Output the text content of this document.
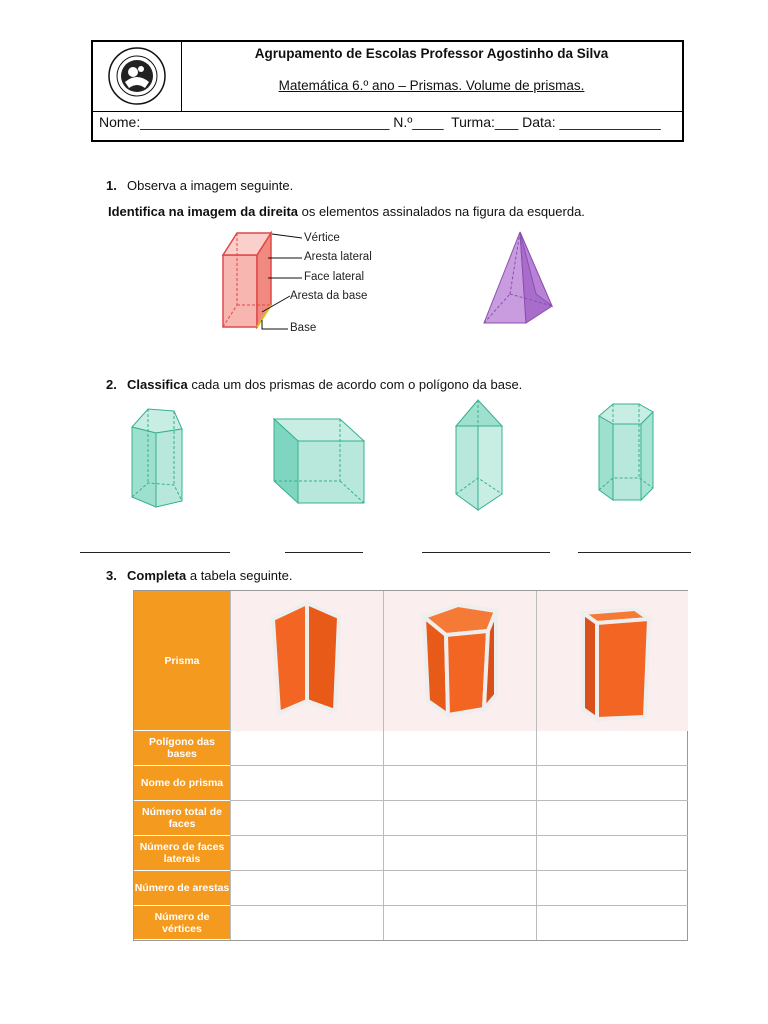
Agrupamento de Escolas Professor Agostinho da Silva
Matemática 6.º ano – Prismas. Volume de prismas.
Nome:________________________________ N.º____  Turma:___ Data: _____________
1. Observa a imagem seguinte.
Identifica na imagem da direita os elementos assinalados na figura da esquerda.
Vértice
Aresta lateral
Face lateral
Aresta da base
Base
2. Classifica cada um dos prismas de acordo com o polígono da base.
3. Completa a tabela seguinte.
Prisma
Polígono das bases
Nome do prisma
Número total de faces
Número de faces laterais
Número de arestas
Número de vértices
